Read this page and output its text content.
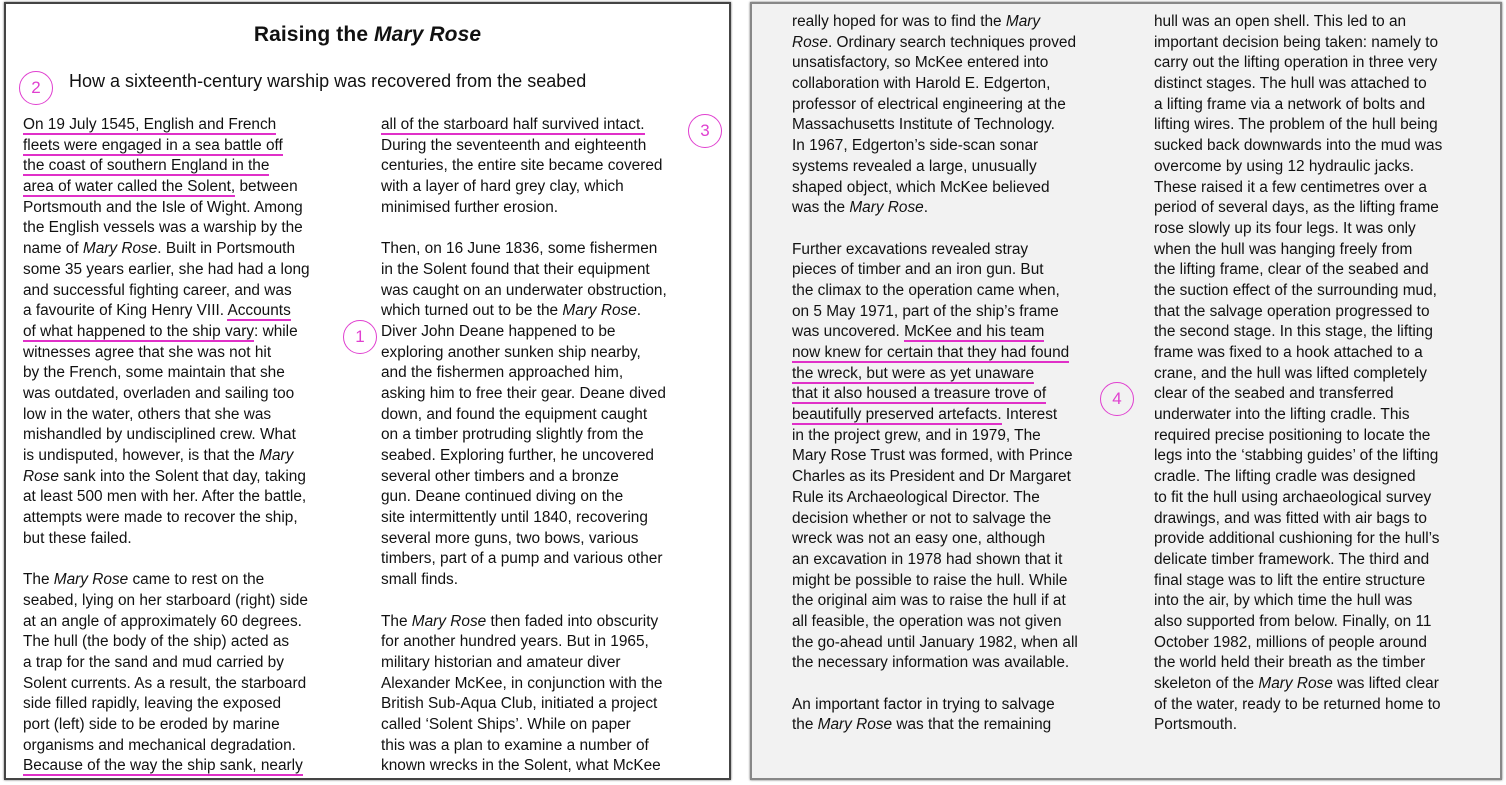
Raising the Mary Rose
How a sixteenth-century warship was recovered from the seabed
On 19 July 1545, English and French
fleets were engaged in a sea battle off
the coast of southern England in the
area of water called the Solent, between
Portsmouth and the Isle of Wight. Among
the English vessels was a warship by the
name of Mary Rose. Built in Portsmouth
some 35 years earlier, she had had a long
and successful fighting career, and was
a favourite of King Henry VIII. Accounts
of what happened to the ship vary: while
witnesses agree that she was not hit
by the French, some maintain that she
was outdated, overladen and sailing too
low in the water, others that she was
mishandled by undisciplined crew. What
is undisputed, however, is that the Mary
Rose sank into the Solent that day, taking
at least 500 men with her. After the battle,
attempts were made to recover the ship,
but these failed.
The Mary Rose came to rest on the
seabed, lying on her starboard (right) side
at an angle of approximately 60 degrees.
The hull (the body of the ship) acted as
a trap for the sand and mud carried by
Solent currents. As a result, the starboard
side filled rapidly, leaving the exposed
port (left) side to be eroded by marine
organisms and mechanical degradation.
Because of the way the ship sank, nearly
all of the starboard half survived intact.
During the seventeenth and eighteenth
centuries, the entire site became covered
with a layer of hard grey clay, which
minimised further erosion.
Then, on 16 June 1836, some fishermen
in the Solent found that their equipment
was caught on an underwater obstruction,
which turned out to be the Mary Rose.
Diver John Deane happened to be
exploring another sunken ship nearby,
and the fishermen approached him,
asking him to free their gear. Deane dived
down, and found the equipment caught
on a timber protruding slightly from the
seabed. Exploring further, he uncovered
several other timbers and a bronze
gun. Deane continued diving on the
site intermittently until 1840, recovering
several more guns, two bows, various
timbers, part of a pump and various other
small finds.
The Mary Rose then faded into obscurity
for another hundred years. But in 1965,
military historian and amateur diver
Alexander McKee, in conjunction with the
British Sub-Aqua Club, initiated a project
called ‘Solent Ships’. While on paper
this was a plan to examine a number of
known wrecks in the Solent, what McKee
2
1
3
really hoped for was to find the Mary
Rose. Ordinary search techniques proved
unsatisfactory, so McKee entered into
collaboration with Harold E. Edgerton,
professor of electrical engineering at the
Massachusetts Institute of Technology.
In 1967, Edgerton’s side-scan sonar
systems revealed a large, unusually
shaped object, which McKee believed
was the Mary Rose.
Further excavations revealed stray
pieces of timber and an iron gun. But
the climax to the operation came when,
on 5 May 1971, part of the ship’s frame
was uncovered. McKee and his team
now knew for certain that they had found
the wreck, but were as yet unaware
that it also housed a treasure trove of
beautifully preserved artefacts. Interest
in the project grew, and in 1979, The
Mary Rose Trust was formed, with Prince
Charles as its President and Dr Margaret
Rule its Archaeological Director. The
decision whether or not to salvage the
wreck was not an easy one, although
an excavation in 1978 had shown that it
might be possible to raise the hull. While
the original aim was to raise the hull if at
all feasible, the operation was not given
the go-ahead until January 1982, when all
the necessary information was available.
An important factor in trying to salvage
the Mary Rose was that the remaining
hull was an open shell. This led to an
important decision being taken: namely to
carry out the lifting operation in three very
distinct stages. The hull was attached to
a lifting frame via a network of bolts and
lifting wires. The problem of the hull being
sucked back downwards into the mud was
overcome by using 12 hydraulic jacks.
These raised it a few centimetres over a
period of several days, as the lifting frame
rose slowly up its four legs. It was only
when the hull was hanging freely from
the lifting frame, clear of the seabed and
the suction effect of the surrounding mud,
that the salvage operation progressed to
the second stage. In this stage, the lifting
frame was fixed to a hook attached to a
crane, and the hull was lifted completely
clear of the seabed and transferred
underwater into the lifting cradle. This
required precise positioning to locate the
legs into the ‘stabbing guides’ of the lifting
cradle. The lifting cradle was designed
to fit the hull using archaeological survey
drawings, and was fitted with air bags to
provide additional cushioning for the hull’s
delicate timber framework. The third and
final stage was to lift the entire structure
into the air, by which time the hull was
also supported from below. Finally, on 11
October 1982, millions of people around
the world held their breath as the timber
skeleton of the Mary Rose was lifted clear
of the water, ready to be returned home to
Portsmouth.
4
